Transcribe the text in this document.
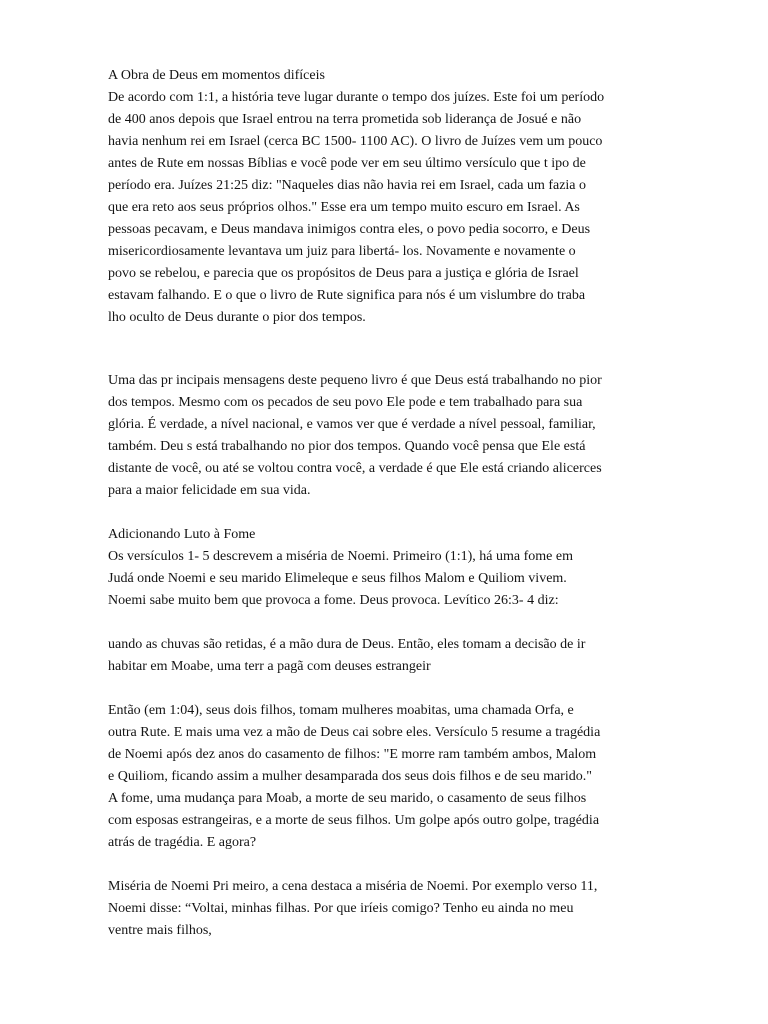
A Obra de Deus em momentos difíceis
De acordo com 1:1, a história teve lugar durante o tempo dos juízes. Este foi um período
de 400 anos depois que Israel entrou na terra prometida sob liderança de Josué e não
havia nenhum rei em Israel (cerca BC 1500- 1100 AC). O livro de Juízes vem um pouco
antes de Rute em nossas Bíblias e você pode ver em seu último versículo que t ipo de
período era. Juízes 21:25 diz: "Naqueles dias não havia rei em Israel, cada um fazia o
que era reto aos seus próprios olhos." Esse era um tempo muito escuro em Israel. As
pessoas pecavam, e Deus mandava inimigos contra eles, o povo pedia socorro, e Deus
misericordiosamente levantava um juiz para libertá- los. Novamente e novamente o
povo se rebelou, e parecia que os propósitos de Deus para a justiça e glória de Israel
estavam falhando. E o que o livro de Rute significa para nós é um vislumbre do traba
lho oculto de Deus durante o pior dos tempos.
Uma das pr incipais mensagens deste pequeno livro é que Deus está trabalhando no pior
dos tempos. Mesmo com os pecados de seu povo Ele pode e tem trabalhado para sua
glória. É verdade, a nível nacional, e vamos ver que é verdade a nível pessoal, familiar,
também. Deu s está trabalhando no pior dos tempos. Quando você pensa que Ele está
distante de você, ou até se voltou contra você, a verdade é que Ele está criando alicerces
para a maior felicidade em sua vida.
Adicionando Luto à Fome
Os versículos 1- 5 descrevem a miséria de Noemi. Primeiro (1:1), há uma fome em
Judá onde Noemi e seu marido Elimeleque e seus filhos Malom e Quiliom vivem.
Noemi sabe muito bem que provoca a fome. Deus provoca. Levítico 26:3- 4 diz:
uando as chuvas são retidas, é a mão dura de Deus. Então, eles tomam a decisão de ir
habitar em Moabe, uma terr a pagã com deuses estrangeir
Então (em 1:04), seus dois filhos, tomam mulheres moabitas, uma chamada Orfa, e
outra Rute. E mais uma vez a mão de Deus cai sobre eles. Versículo 5 resume a tragédia
de Noemi após dez anos do casamento de filhos: "E morre ram também ambos, Malom
e Quiliom, ficando assim a mulher desamparada dos seus dois filhos e de seu marido."
A fome, uma mudança para Moab, a morte de seu marido, o casamento de seus filhos
com esposas estrangeiras, e a morte de seus filhos. Um golpe após outro golpe, tragédia
atrás de tragédia. E agora?
Miséria de Noemi Pri meiro, a cena destaca a miséria de Noemi. Por exemplo verso 11,
Noemi disse: “Voltai, minhas filhas. Por que iríeis comigo? Tenho eu ainda no meu
ventre mais filhos,
